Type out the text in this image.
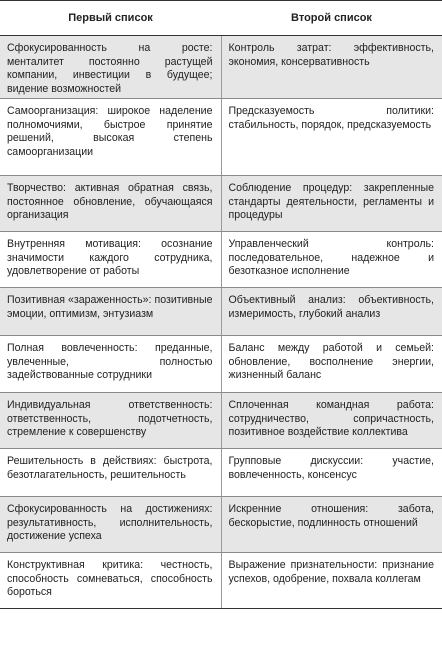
Первый список	Второй список
Сфокусированность на росте: менталитет постоянно растущей компании, инвестиции в будущее; видение возможностей	Контроль затрат: эффективность, экономия, консервативность
Самоорганизация: широкое наделение полномочиями, быстрое принятие решений, высокая степень самоорганизации	Предсказуемость политики: стабильность, порядок, предсказуемость
Творчество: активная обратная связь, постоянное обновление, обучающаяся организация	Соблюдение процедур: закрепленные стандарты деятельности, регламенты и процедуры
Внутренняя мотивация: осознание значимости каждого сотрудника, удовлетворение от работы	Управленческий контроль: последовательное, надежное и безотказное исполнение
Позитивная «зараженность»: позитивные эмоции, оптимизм, энтузиазм	Объективный анализ: объективность, измеримость, глубокий анализ
Полная вовлеченность: преданные, увлеченные, полностью задействованные сотрудники	Баланс между работой и семьей: обновление, восполнение энергии, жизненный баланс
Индивидуальная ответственность: ответственность, подотчетность, стремление к совершенству	Сплоченная командная работа: сотрудничество, сопричастность, позитивное воздействие коллектива
Решительность в действиях: быстрота, безотлагательность, решительность	Групповые дискуссии: участие, вовлеченность, консенсус
Сфокусированность на достижениях: результативность, исполнительность, достижение успеха	Искренние отношения: забота, бескорыстие, подлинность отношений
Конструктивная критика: честность, способность сомневаться, способность бороться	Выражение признательности: признание успехов, одобрение, похвала коллегам
